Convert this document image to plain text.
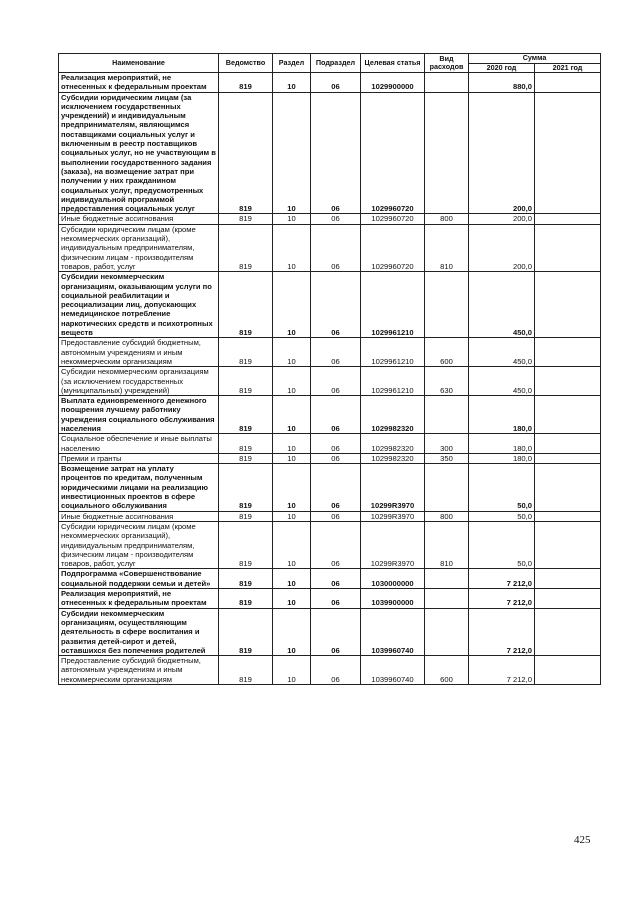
Наименование	Ведомство	Раздел	Подраздел	Целевая статья	Вид расходов	Сумма	
						2020 год	2021 год
Реализация мероприятий, не отнесенных к федеральным проектам	819	10	06	1029900000		880,0	
Субсидии юридическим лицам (за исключением государственных учреждений) и индивидуальным предпринимателям, являющимся поставщиками социальных услуг и включенным в реестр поставщиков социальных услуг, но не участвующим в выполнении государственного задания (заказа), на возмещение затрат при получении у них гражданином социальных услуг, предусмотренных индивидуальной программой предоставления социальных услуг	819	10	06	1029960720		200,0	
Иные бюджетные ассигнования	819	10	06	1029960720	800	200,0	
Субсидии юридическим лицам (кроме некоммерческих организаций), индивидуальным предпринимателям, физическим лицам - производителям товаров, работ, услуг	819	10	06	1029960720	810	200,0	
Субсидии некоммерческим организациям, оказывающим услуги по социальной реабилитации и ресоциализации лиц, допускающих немедицинское потребление наркотических средств и психотропных веществ	819	10	06	1029961210		450,0	
Предоставление субсидий бюджетным, автономным учреждениям и иным некоммерческим организациям	819	10	06	1029961210	600	450,0	
Субсидии некоммерческим организациям (за исключением государственных (муниципальных) учреждений)	819	10	06	1029961210	630	450,0	
Выплата единовременного денежного поощрения лучшему работнику учреждения социального обслуживания населения	819	10	06	1029982320		180,0	
Социальное обеспечение и иные выплаты населению	819	10	06	1029982320	300	180,0	
Премии и гранты	819	10	06	1029982320	350	180,0	
Возмещение затрат на уплату процентов по кредитам, полученным юридическими лицами на реализацию инвестиционных проектов в сфере социального обслуживания	819	10	06	10299R3970		50,0	
Иные бюджетные ассигнования	819	10	06	10299R3970	800	50,0	
Субсидии юридическим лицам (кроме некоммерческих организаций), индивидуальным предпринимателям, физическим лицам - производителям товаров, работ, услуг	819	10	06	10299R3970	810	50,0	
Подпрограмма «Совершенствование социальной поддержки семьи и детей»	819	10	06	1030000000		7 212,0	
Реализация мероприятий, не отнесенных к федеральным проектам	819	10	06	1039900000		7 212,0	
Субсидии некоммерческим организациям, осуществляющим деятельность в сфере воспитания и развития детей-сирот и детей, оставшихся без попечения родителей	819	10	06	1039960740		7 212,0	
Предоставление субсидий бюджетным, автономным учреждениям и иным некоммерческим организациям	819	10	06	1039960740	600	7 212,0	
425
